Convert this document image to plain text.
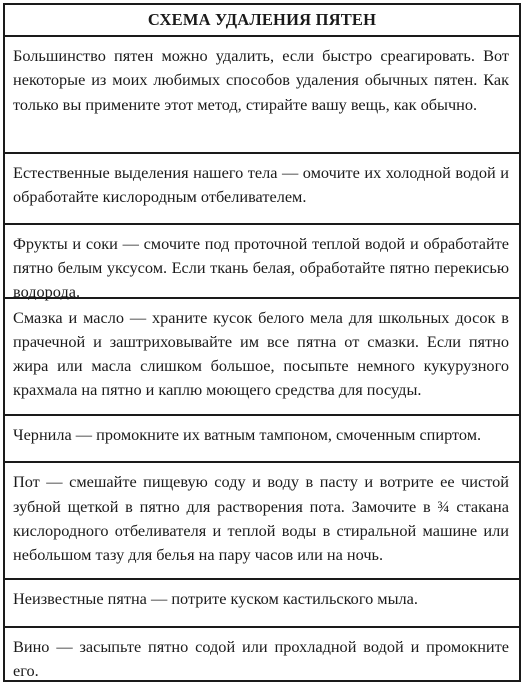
СХЕМА УДАЛЕНИЯ ПЯТЕН
Большинство пятен можно удалить, если быстро среагировать. Вот некоторые из моих любимых способов удаления обычных пятен. Как только вы примените этот метод, стирайте вашу вещь, как обычно.
Естественные выделения нашего тела — омочите их холодной водой и обработайте кислородным отбеливателем.
Фрукты и соки — смочите под проточной теплой водой и обработайте пятно белым уксусом. Если ткань белая, обработайте пятно перекисью водорода.
Смазка и масло — храните кусок белого мела для школьных досок в прачечной и заштриховывайте им все пятна от смазки. Если пятно жира или масла слишком большое, посыпьте немного кукурузного крахмала на пятно и каплю моющего средства для посуды.
Чернила — промокните их ватным тампоном, смоченным спиртом.
Пот — смешайте пищевую соду и воду в пасту и вотрите ее чистой зубной щеткой в пятно для растворения пота. Замочите в ¾ стакана кислородного отбеливателя и теплой воды в стиральной машине или небольшом тазу для белья на пару часов или на ночь.
Неизвестные пятна — потрите куском кастильского мыла.
Вино — засыпьте пятно содой или прохладной водой и промокните его.
